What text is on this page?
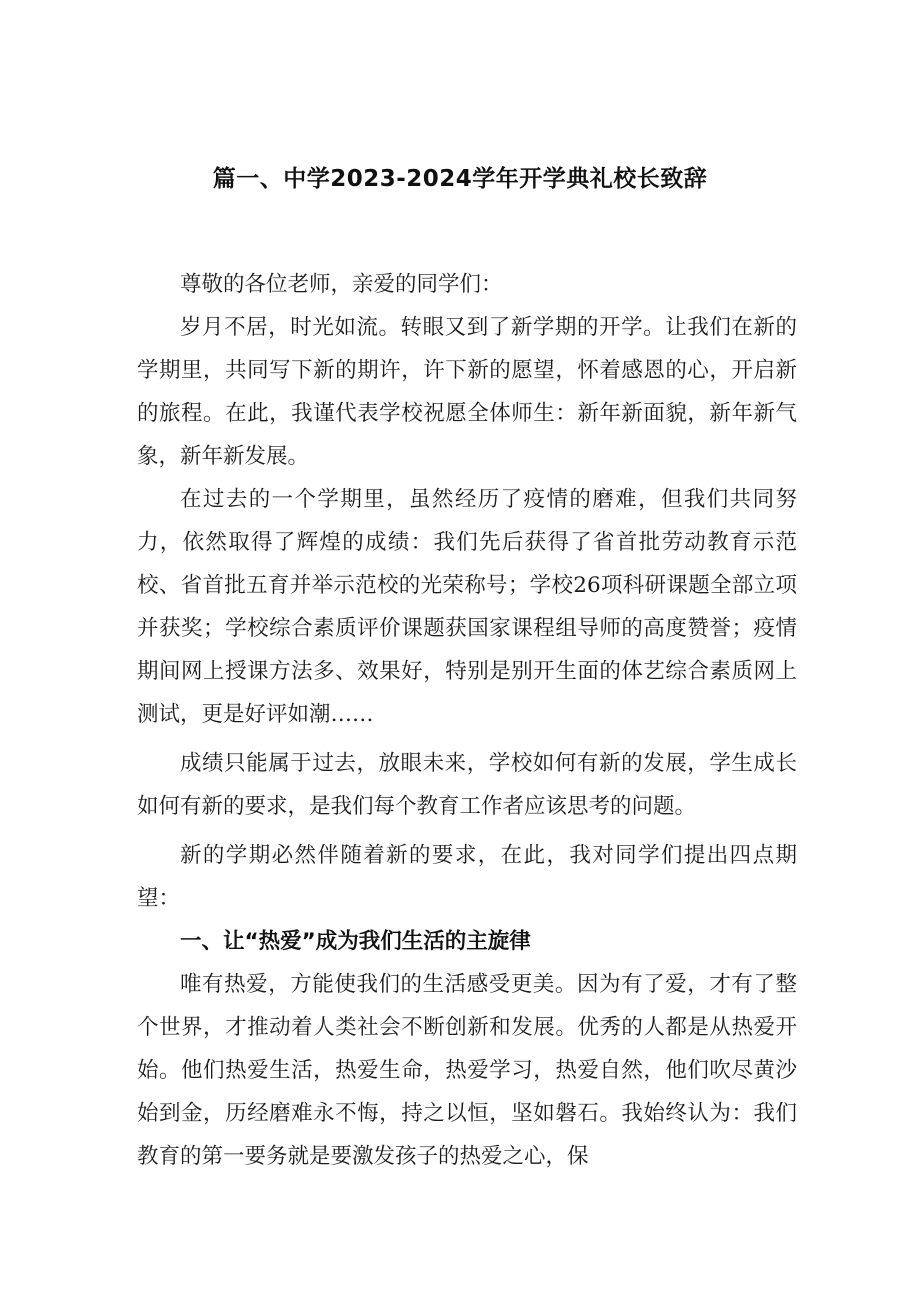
篇一、中学2023-2024学年开学典礼校长致辞

尊敬的各位老师，亲爱的同学们：

岁月不居，时光如流。转眼又到了新学期的开学。让我们在新的学期里，共同写下新的期许，许下新的愿望，怀着感恩的心，开启新的旅程。在此，我谨代表学校祝愿全体师生：新年新面貌，新年新气象，新年新发展。

在过去的一个学期里，虽然经历了疫情的磨难，但我们共同努力，依然取得了辉煌的成绩：我们先后获得了省首批劳动教育示范校、省首批五育并举示范校的光荣称号；学校26项科研课题全部立项并获奖；学校综合素质评价课题获国家课程组导师的高度赞誉；疫情期间网上授课方法多、效果好，特别是别开生面的体艺综合素质网上测试，更是好评如潮……

成绩只能属于过去，放眼未来，学校如何有新的发展，学生成长如何有新的要求，是我们每个教育工作者应该思考的问题。

新的学期必然伴随着新的要求，在此，我对同学们提出四点期望：

一、让“热爱”成为我们生活的主旋律

唯有热爱，方能使我们的生活感受更美。因为有了爱，才有了整个世界，才推动着人类社会不断创新和发展。优秀的人都是从热爱开始。他们热爱生活，热爱生命，热爱学习，热爱自然，他们吹尽黄沙始到金，历经磨难永不悔，持之以恒，坚如磐石。我始终认为：我们教育的第一要务就是要激发孩子的热爱之心，保
